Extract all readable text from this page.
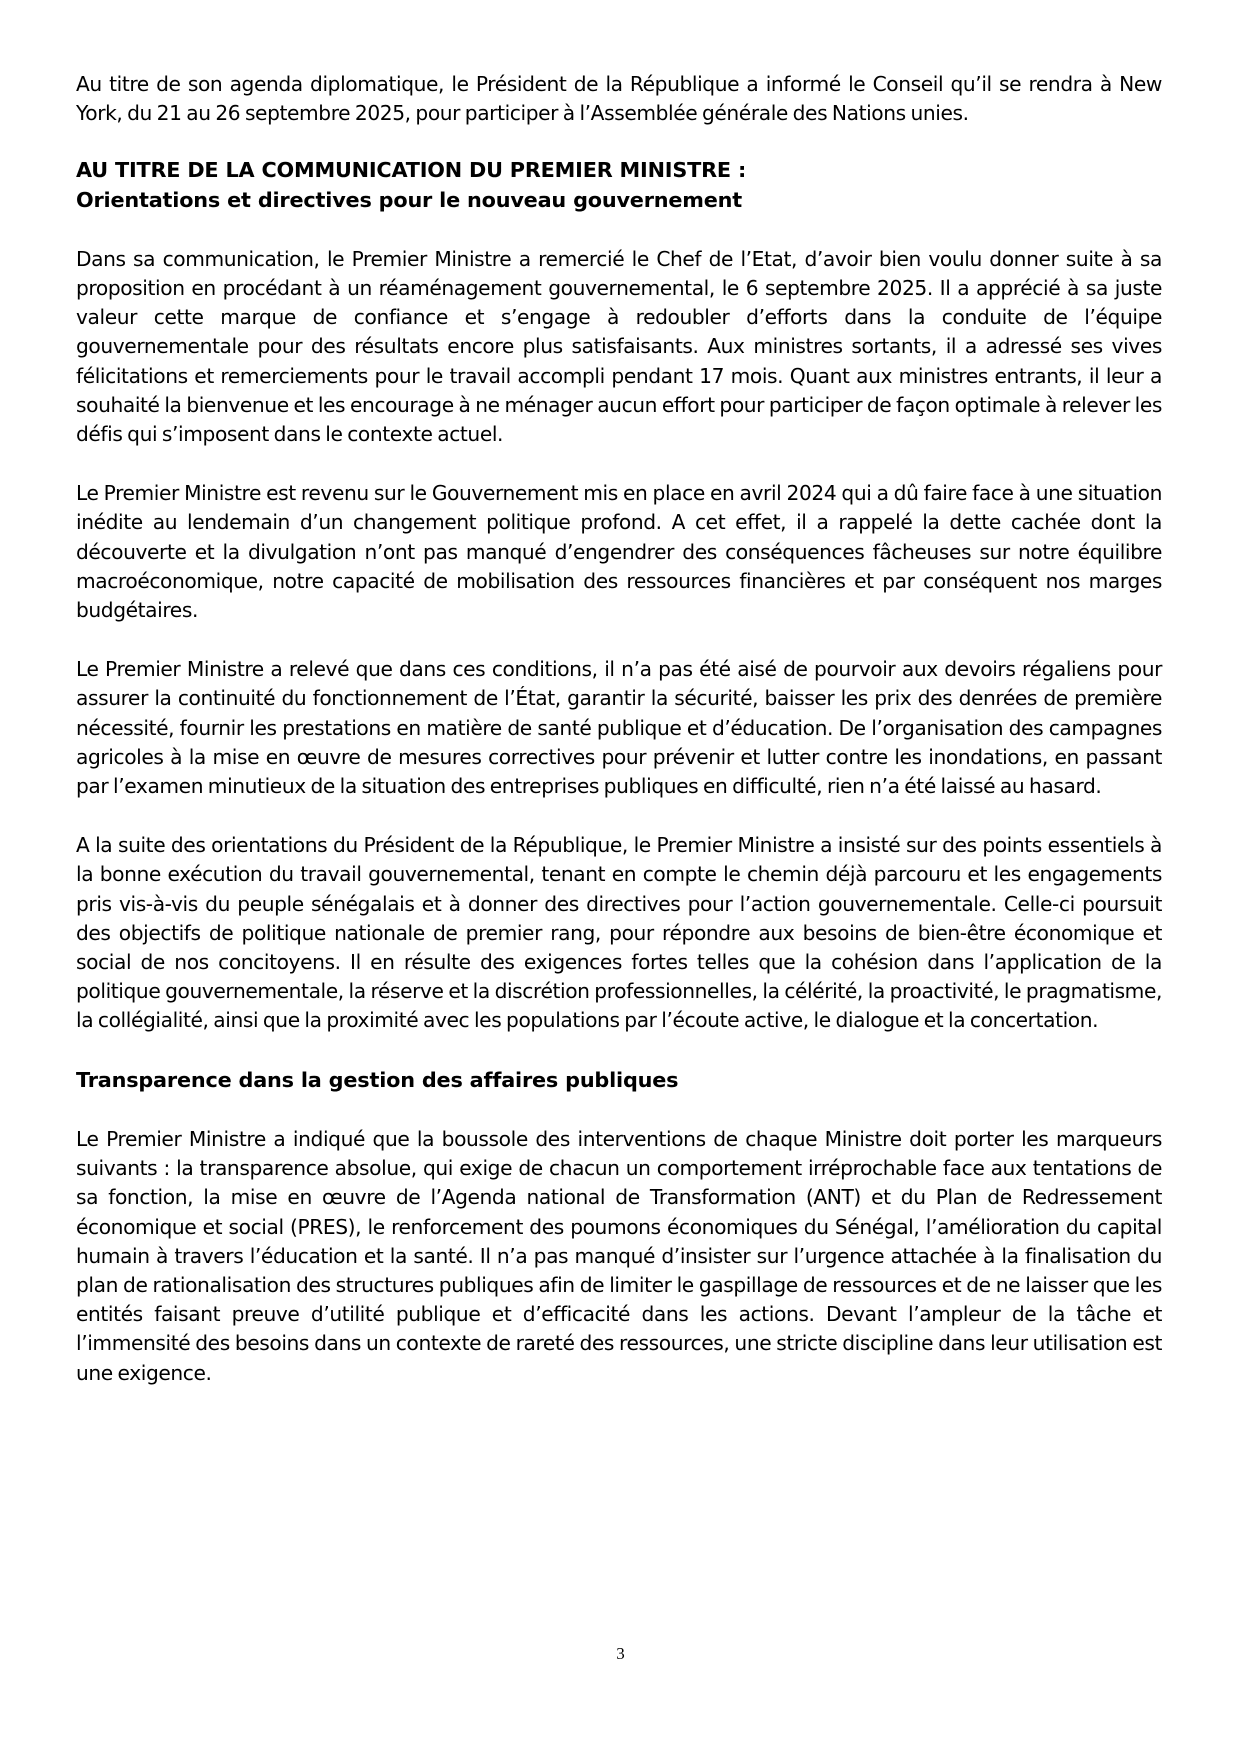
Au titre de son agenda diplomatique, le Président de la République a informé le Conseil qu’il se rendra à New York, du 21 au 26 septembre 2025, pour participer à l’Assemblée générale des Nations unies.

AU TITRE DE LA COMMUNICATION DU PREMIER MINISTRE :
Orientations et directives pour le nouveau gouvernement

Dans sa communication, le Premier Ministre a remercié le Chef de l’Etat, d’avoir bien voulu donner suite à sa proposition en procédant à un réaménagement gouvernemental, le 6 septembre 2025. Il a apprécié à sa juste valeur cette marque de confiance et s’engage à redoubler d’efforts dans la conduite de l’équipe gouvernementale pour des résultats encore plus satisfaisants. Aux ministres sortants, il a adressé ses vives félicitations et remerciements pour le travail accompli pendant 17 mois. Quant aux ministres entrants, il leur a souhaité la bienvenue et les encourage à ne ménager aucun effort pour participer de façon optimale à relever les défis qui s’imposent dans le contexte actuel.

Le Premier Ministre est revenu sur le Gouvernement mis en place en avril 2024 qui a dû faire face à une situation inédite au lendemain d’un changement politique profond. A cet effet, il a rappelé la dette cachée dont la découverte et la divulgation n’ont pas manqué d’engendrer des conséquences fâcheuses sur notre équilibre macroéconomique, notre capacité de mobilisation des ressources financières et par conséquent nos marges budgétaires.

Le Premier Ministre a relevé que dans ces conditions, il n’a pas été aisé de pourvoir aux devoirs régaliens pour assurer la continuité du fonctionnement de l’État, garantir la sécurité, baisser les prix des denrées de première nécessité, fournir les prestations en matière de santé publique et d’éducation. De l’organisation des campagnes agricoles à la mise en œuvre de mesures correctives pour prévenir et lutter contre les inondations, en passant par l’examen minutieux de la situation des entreprises publiques en difficulté, rien n’a été laissé au hasard.

A la suite des orientations du Président de la République, le Premier Ministre a insisté sur des points essentiels à la bonne exécution du travail gouvernemental, tenant en compte le chemin déjà parcouru et les engagements pris vis-à-vis du peuple sénégalais et à donner des directives pour l’action gouvernementale. Celle-ci poursuit des objectifs de politique nationale de premier rang, pour répondre aux besoins de bien-être économique et social de nos concitoyens. Il en résulte des exigences fortes telles que la cohésion dans l’application de la politique gouvernementale, la réserve et la discrétion professionnelles, la célérité, la proactivité, le pragmatisme, la collégialité, ainsi que la proximité avec les populations par l’écoute active, le dialogue et la concertation.

Transparence dans la gestion des affaires publiques

Le Premier Ministre a indiqué que la boussole des interventions de chaque Ministre doit porter les marqueurs suivants : la transparence absolue, qui exige de chacun un comportement irréprochable face aux tentations de sa fonction, la mise en œuvre de l’Agenda national de Transformation (ANT) et du Plan de Redressement économique et social (PRES), le renforcement des poumons économiques du Sénégal, l’amélioration du capital humain à travers l’éducation et la santé. Il n’a pas manqué d’insister sur l’urgence attachée à la finalisation du plan de rationalisation des structures publiques afin de limiter le gaspillage de ressources et de ne laisser que les entités faisant preuve d’utilité publique et d’efficacité dans les actions. Devant l’ampleur de la tâche et l’immensité des besoins dans un contexte de rareté des ressources, une stricte discipline dans leur utilisation est une exigence.

3
